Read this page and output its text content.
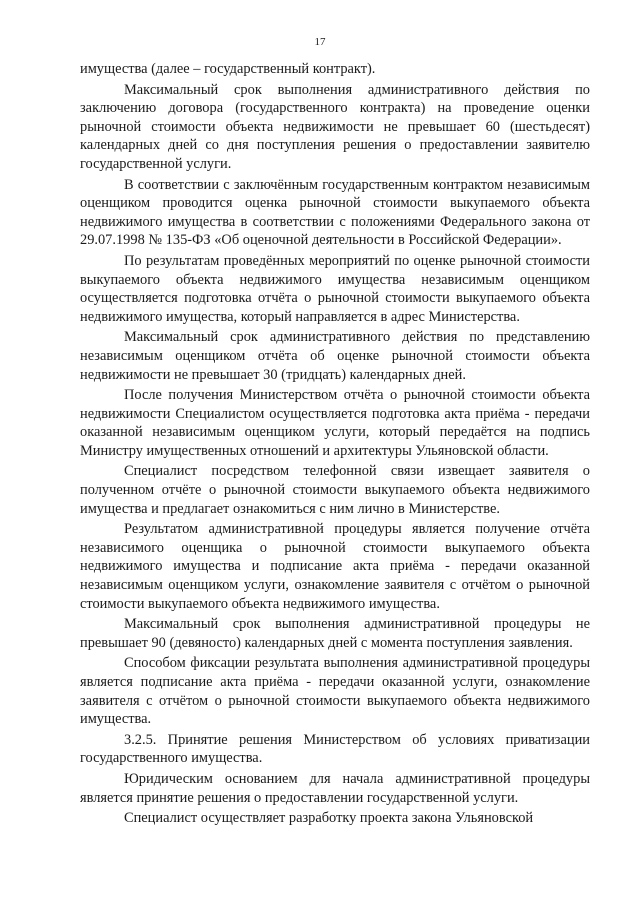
17

имущества (далее – государственный контракт).

Максимальный срок выполнения административного действия по заключению договора (государственного контракта) на проведение оценки рыночной стоимости объекта недвижимости не превышает 60 (шестьдесят) календарных дней со дня поступления решения о предоставлении заявителю государственной услуги.

В соответствии с заключённым государственным контрактом независимым оценщиком проводится оценка рыночной стоимости выкупаемого объекта недвижимого имущества в соответствии с положениями Федерального закона от 29.07.1998 № 135-ФЗ «Об оценочной деятельности в Российской Федерации».

По результатам проведённых мероприятий по оценке рыночной стоимости выкупаемого объекта недвижимого имущества независимым оценщиком осуществляется подготовка отчёта о рыночной стоимости выкупаемого объекта недвижимого имущества, который направляется в адрес Министерства.

Максимальный срок административного действия по представлению независимым оценщиком отчёта об оценке рыночной стоимости объекта недвижимости не превышает 30 (тридцать) календарных дней.

После получения Министерством отчёта о рыночной стоимости объекта недвижимости Специалистом осуществляется подготовка акта приёма - передачи оказанной независимым оценщиком услуги, который передаётся на подпись Министру имущественных отношений и архитектуры Ульяновской области.

Специалист посредством телефонной связи извещает заявителя о полученном отчёте о рыночной стоимости выкупаемого объекта недвижимого имущества и предлагает ознакомиться с ним лично в Министерстве.

Результатом административной процедуры является получение отчёта независимого оценщика о рыночной стоимости выкупаемого объекта недвижимого имущества и подписание акта приёма - передачи оказанной независимым оценщиком услуги, ознакомление заявителя с отчётом о рыночной стоимости выкупаемого объекта недвижимого имущества.

Максимальный срок выполнения административной процедуры не превышает 90 (девяносто) календарных дней с момента поступления заявления.

Способом фиксации результата выполнения административной процедуры является подписание акта приёма - передачи оказанной услуги, ознакомление заявителя с отчётом о рыночной стоимости выкупаемого объекта недвижимого имущества.

3.2.5. Принятие решения Министерством об условиях приватизации государственного имущества.

Юридическим основанием для начала административной процедуры является принятие решения о предоставлении государственной услуги.

Специалист осуществляет разработку проекта закона Ульяновской
